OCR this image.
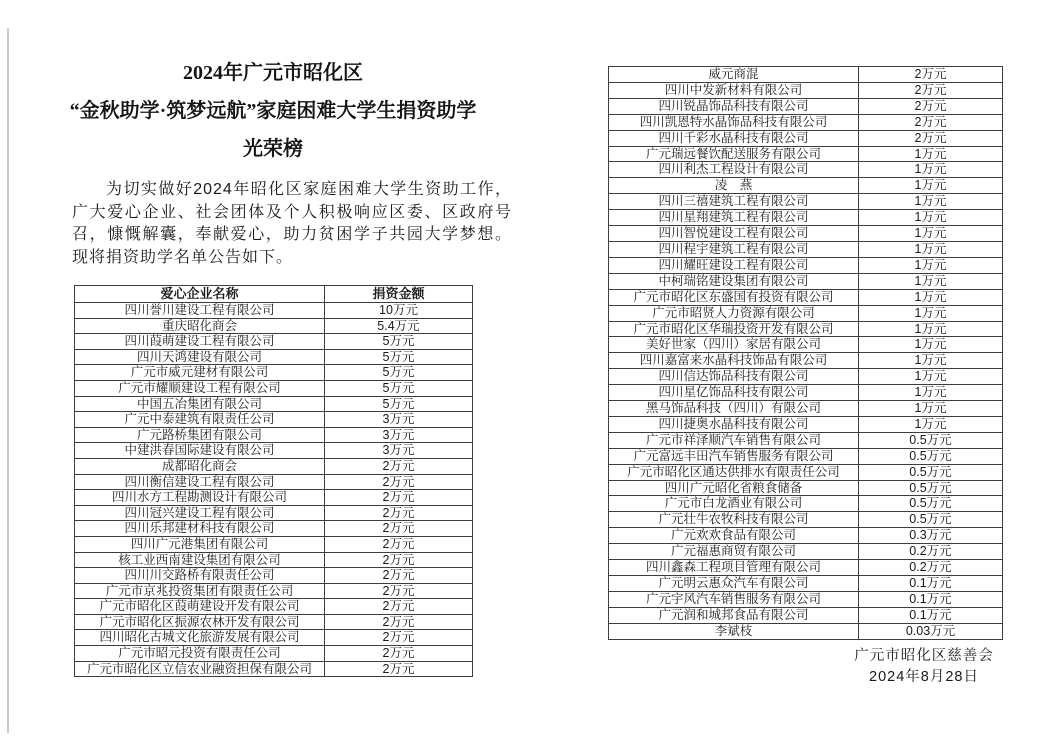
2024年广元市昭化区
“金秋助学·筑梦远航”家庭困难大学生捐资助学
光荣榜
为切实做好2024年昭化区家庭困难大学生资助工作，广大爱心企业、社会团体及个人积极响应区委、区政府号召，慷慨解囊，奉献爱心，助力贫困学子共园大学梦想。现将捐资助学名单公告如下。
爱心企业名称	捐资金额
四川誉川建设工程有限公司	10万元
重庆昭化商会	5.4万元
四川葭萌建设工程有限公司	5万元
四川天鸿建设有限公司	5万元
广元市威元建材有限公司	5万元
广元市耀顺建设工程有限公司	5万元
中国五冶集团有限公司	5万元
广元中泰建筑有限责任公司	3万元
广元路桥集团有限公司	3万元
中建洪春国际建设有限公司	3万元
成都昭化商会	2万元
四川衡信建设工程有限公司	2万元
四川水方工程勘测设计有限公司	2万元
四川冠兴建设工程有限公司	2万元
四川乐邦建材科技有限公司	2万元
四川广元港集团有限公司	2万元
核工业西南建设集团有限公司	2万元
四川川交路桥有限责任公司	2万元
广元市京兆投资集团有限责任公司	2万元
广元市昭化区葭萌建设开发有限公司	2万元
广元市昭化区振源农林开发有限公司	2万元
四川昭化古城文化旅游发展有限公司	2万元
广元市昭元投资有限责任公司	2万元
广元市昭化区立信农业融资担保有限公司	2万元
威元商混	2万元
四川中发新材料有限公司	2万元
四川锐晶饰品科技有限公司	2万元
四川凯恩特水晶饰品科技有限公司	2万元
四川千彩水晶科技有限公司	2万元
广元瑞远餐饮配送服务有限公司	1万元
四川利杰工程设计有限公司	1万元
凌　燕	1万元
四川三禧建筑工程有限公司	1万元
四川星翔建筑工程有限公司	1万元
四川智悦建设工程有限公司	1万元
四川程宇建筑工程有限公司	1万元
四川耀旺建设工程有限公司	1万元
中柯瑞铭建设集团有限公司	1万元
广元市昭化区东盛国有投资有限公司	1万元
广元市昭贤人力资源有限公司	1万元
广元市昭化区华瑞投资开发有限公司	1万元
美好世家（四川）家居有限公司	1万元
四川嘉富来水晶科技饰品有限公司	1万元
四川信达饰品科技有限公司	1万元
四川星亿饰品科技有限公司	1万元
黑马饰品科技（四川）有限公司	1万元
四川捷奥水晶科技有限公司	1万元
广元市祥泽顺汽车销售有限公司	0.5万元
广元富远丰田汽车销售服务有限公司	0.5万元
广元市昭化区通达供排水有限责任公司	0.5万元
四川广元昭化省粮食储备	0.5万元
广元市白龙酒业有限公司	0.5万元
广元壮牛农牧科技有限公司	0.5万元
广元欢欢食品有限公司	0.3万元
广元福惠商贸有限公司	0.2万元
四川鑫森工程项目管理有限公司	0.2万元
广元明云惠众汽车有限公司	0.1万元
广元宇风汽车销售服务有限公司	0.1万元
广元润和城邦食品有限公司	0.1万元
李斌枝	0.03万元
广元市昭化区慈善会
2024年8月28日
